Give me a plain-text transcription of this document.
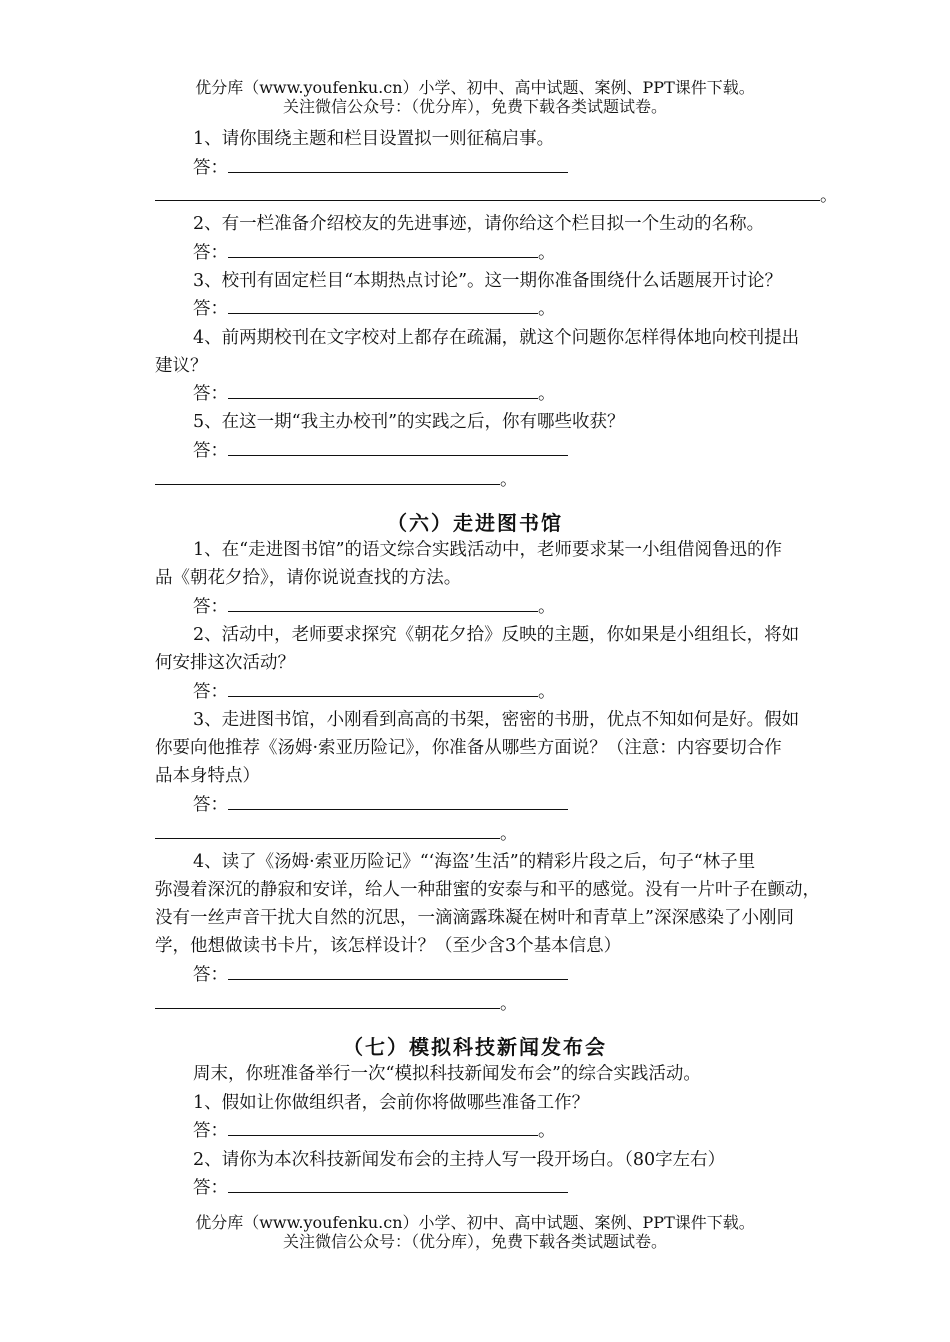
优分库（www.youfenku.cn）小学、初中、高中试题、案例、PPT课件下载。
关注微信公众号：（优分库），免费下载各类试题试卷。
1、请你围绕主题和栏目设置拟一则征稿启事。
答：
。
2、有一栏准备介绍校友的先进事迹，请你给这个栏目拟一个生动的名称。
答：	。
3、校刊有固定栏目“本期热点讨论”。这一期你准备围绕什么话题展开讨论？
答：	。
4、前两期校刊在文字校对上都存在疏漏，就这个问题你怎样得体地向校刊提出
建议？
答：	。
5、在这一期“我主办校刊”的实践之后，你有哪些收获？
答：
。
（六）走进图书馆
1、在“走进图书馆”的语文综合实践活动中，老师要求某一小组借阅鲁迅的作
品《朝花夕拾》，请你说说查找的方法。
答：	。
2、活动中，老师要求探究《朝花夕拾》反映的主题，你如果是小组组长，将如
何安排这次活动？
答：	。
3、走进图书馆，小刚看到高高的书架，密密的书册，优点不知如何是好。假如
你要向他推荐《汤姆·索亚历险记》，你准备从哪些方面说？（注意：内容要切合作
品本身特点）
答：
。
4、读了《汤姆·索亚历险记》“‘海盗’生活”的精彩片段之后，句子“林子里
弥漫着深沉的静寂和安详，给人一种甜蜜的安泰与和平的感觉。没有一片叶子在颤动，
没有一丝声音干扰大自然的沉思，一滴滴露珠凝在树叶和青草上”深深感染了小刚同
学，他想做读书卡片，该怎样设计？（至少含3个基本信息）
答：
。
（七）模拟科技新闻发布会
周末，你班准备举行一次“模拟科技新闻发布会”的综合实践活动。
1、假如让你做组织者，会前你将做哪些准备工作？
答：	。
2、请你为本次科技新闻发布会的主持人写一段开场白。（80字左右）
答：
优分库（www.youfenku.cn）小学、初中、高中试题、案例、PPT课件下载。
关注微信公众号：（优分库），免费下载各类试题试卷。
